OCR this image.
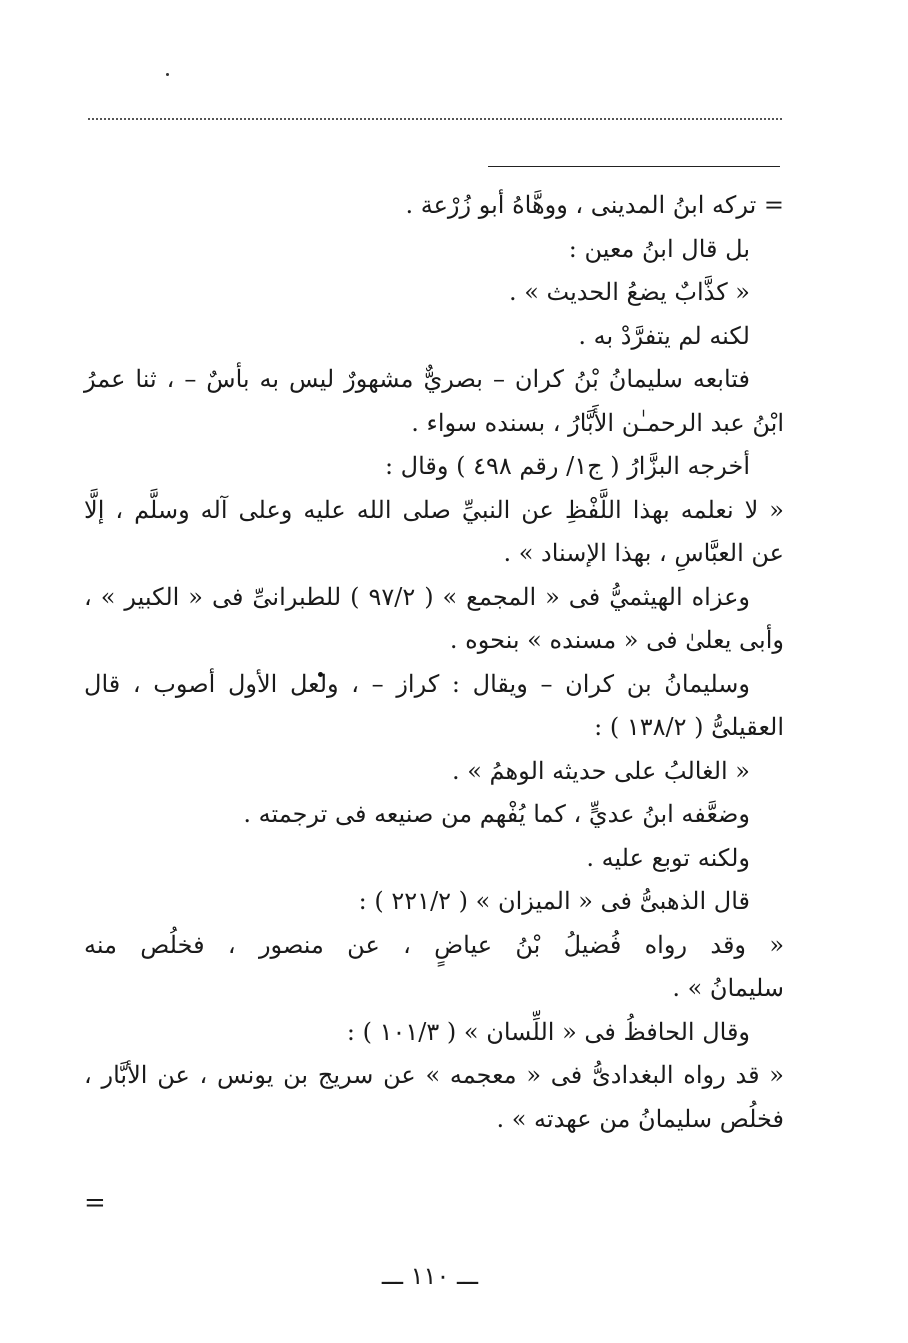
= تركه ابنُ المدينى ، ووهَّاهُ أبو زُرْعة .
بل قال ابنُ معين :
« كذَّابٌ يضعُ الحديث » .
لكنه لم يتفرَّدْ به .
فتابعه سليمانُ بْنُ كران – بصريٌّ مشهورٌ ليس به بأسٌ – ، ثنا عمرُ
ابْنُ عبد الرحمـٰن الأَبَّارُ ، بسنده سواء .
أخرجه البزَّارُ ( ج١/ رقم ٤٩٨ ) وقال :
« لا نعلمه بهذا اللَّفْظِ عن النبيِّ صلى الله عليه وعلى آله وسلَّم ، إلَّا
عن العبَّاسِ ، بهذا الإسناد » .
وعزاه الهيثميُّ فى « المجمع » ( ٩٧/٢ ) للطبرانىِّ فى « الكبير » ،
وأبى يعلىٰ فى « مسنده » بنحوه .
وسليمانُ بن كران – ويقال : كراز – ، ولعل الأول أصوب ، قال
العقيلىُّ ( ١٣٨/٢ ) :
« الغالبُ على حديثه الوهمُ » .
وضعَّفه ابنُ عديٍّ ، كما يُفْهم من صنيعه فى ترجمته .
ولكنه توبع عليه .
قال الذهبىُّ فى « الميزان » ( ٢٢١/٢ ) :
« وقد رواه فُضيلُ بْنُ عياضٍ ، عن منصور ، فخلُص منه
سليمانُ » .
وقال الحافظُ فى « اللِّسان » ( ١٠١/٣ ) :
« قد رواه البغدادىُّ فى « معجمه » عن سريج بن يونس ، عن الأبَّار ،
فخلُص سليمانُ من عهدته » .
=
ـــ ١١٠ ـــ
